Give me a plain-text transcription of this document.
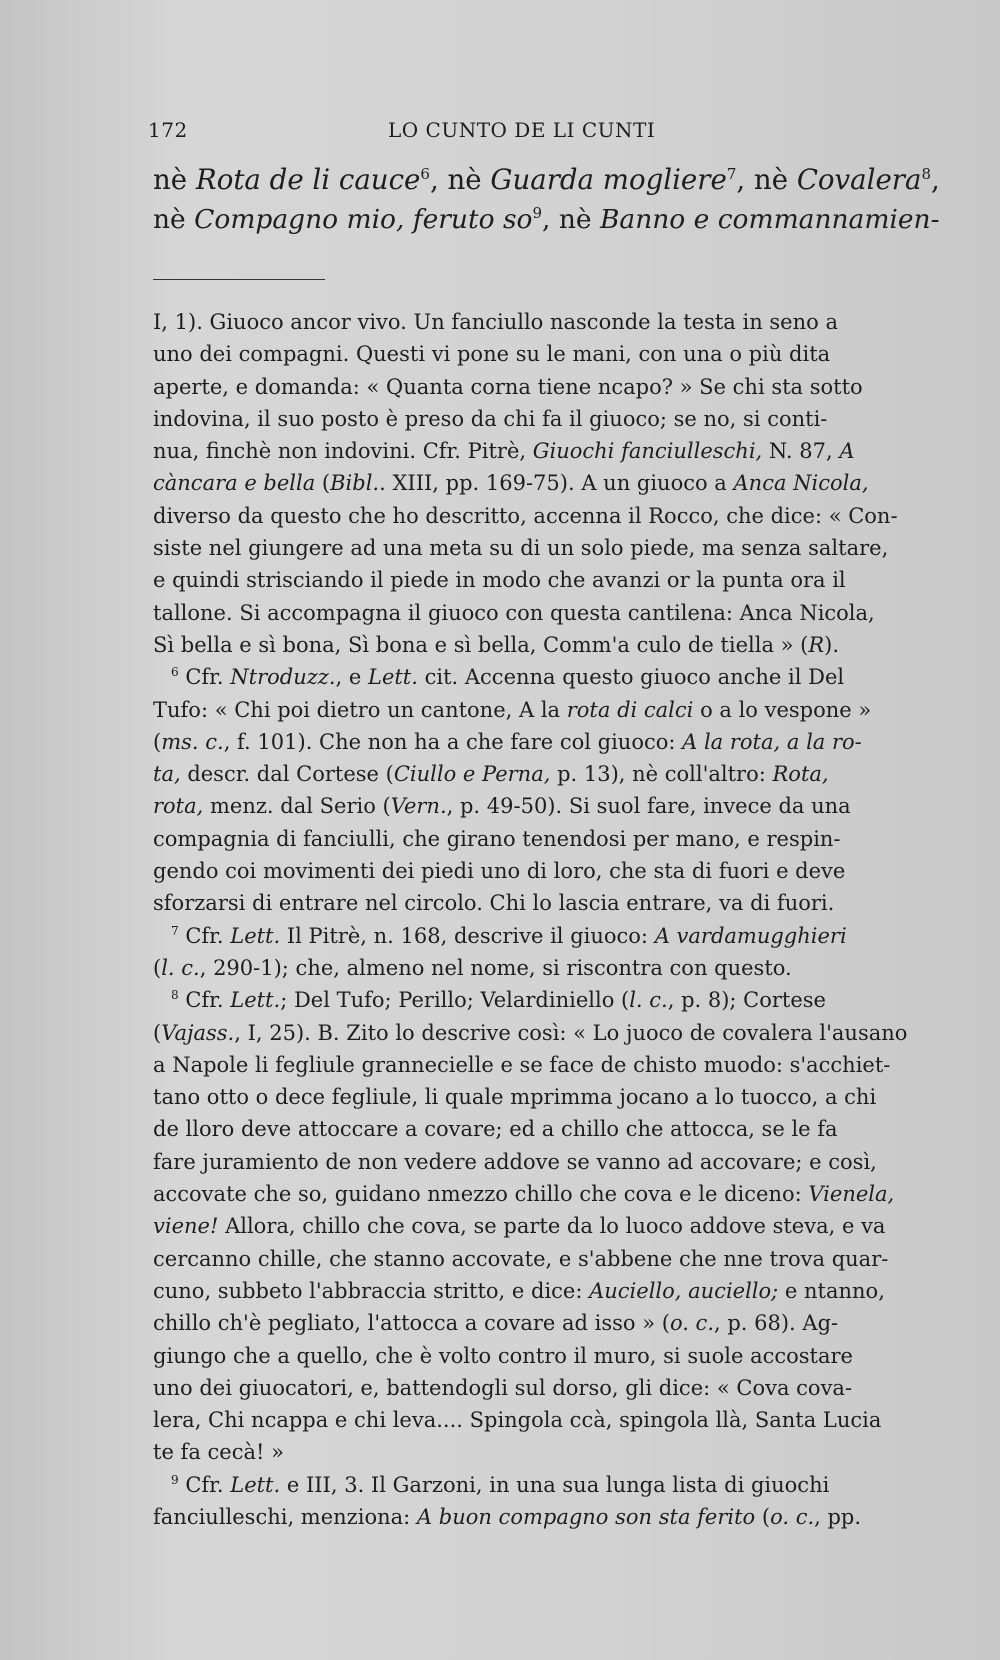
172	LO CUNTO DE LI CUNTI

nè Rota de li cauce$^6$, nè Guarda mogliere$^7$, nè Covalera$^8$,

nè Compagno mio, feruto $so^9$, nè Banno e commannamien-

I, 1). Giuoco ancor vivo. Un fanciullo nasconde la testa in seno a

uno dei compagni. Questi vi pone su le mani, con una o più dita

aperte, e domanda: « Quanta corna tiene ncapo? » Se chi sta sotto

indovina, il suo posto è preso da chi fa il giuoco; se no, si conti-

nua, finchè non indovini. Cfr. Pitrè, Giuochi fanciulleschi, N. 87, A

càncara e bella (Bibl.. XIII, pp. 169-75). A un giuoco a Anca Nicola,

diverso da questo che ho descritto, accenna il Rocco, che dice: « Con-

siste nel giungere ad una meta su di un solo piede, ma senza saltare,

e quindi strisciando il piede in modo che avanzi or la punta ora il

tallone. Si accompagna il giuoco con questa cantilena: Anca Nicola,

Sì bella e sì bona, Sì bona e sì bella, Comm'a culo de tiella » (R).

$^6$ Cfr. Ntroduzz., e Lett. cit. Accenna questo giuoco anche il Del

Tufo: « Chi poi dietro un cantone, A la rota di calci o a lo vespone »

(ms. c., f. 101). Che non ha a che fare col giuoco: A la rota, a la ro-

ta, descr. dal Cortese (Ciullo e Perna, p. 13), nè coll'altro: Rota,

rota, menz. dal Serio (Vern., p. 49-50). Si suol fare, invece da una

compagnia di fanciulli, che girano tenendosi per mano, e respin-

gendo coi movimenti dei piedi uno di loro, che sta di fuori e deve

sforzarsi di entrare nel circolo. Chi lo lascia entrare, va di fuori.

$^7$ Cfr. Lett. Il Pitrè, n. 168, descrive il giuoco: A vardamugghieri

(l. c., 290-1); che, almeno nel nome, si riscontra con questo.

$^8$ Cfr. Lett.; Del Tufo; Perillo; Velardiniello (l. c., p. 8); Cortese

(Vajass., I, 25). B. Zito lo descrive così: « Lo juoco de covalera l'ausano

a Napole li fegliule grannecielle e se face de chisto muodo: s'acchiet-

tano otto o dece fegliule, li quale mprimma jocano a lo tuocco, a chi

de lloro deve attoccare a covare; ed a chillo che attocca, se le fa

fare juramiento de non vedere addove se vanno ad accovare; e così,

accovate che so, guidano nmezzo chillo che cova e le diceno: Vienela,

viene! Allora, chillo che cova, se parte da lo luoco addove steva, e va

cercanno chille, che stanno accovate, e s'abbene che nne trova quar-

cuno, subbeto l'abbraccia stritto, e dice: Auciello, auciello; e ntanno,

chillo ch'è pegliato, l'attocca a covare ad isso » (o. c., p. 68). Ag-

giungo che a quello, che è volto contro il muro, si suole accostare

uno dei giuocatori, e, battendogli sul dorso, gli dice: « Cova cova-

lera, Chi ncappa e chi leva.... Spingola ccà, spingola llà, Santa Lucia

te fa cecà! »

$^9$ Cfr. Lett. e III, 3. Il Garzoni, in una sua lunga lista di giuochi

fanciulleschi, menziona: A buon compagno son sta ferito (o. c., pp.
